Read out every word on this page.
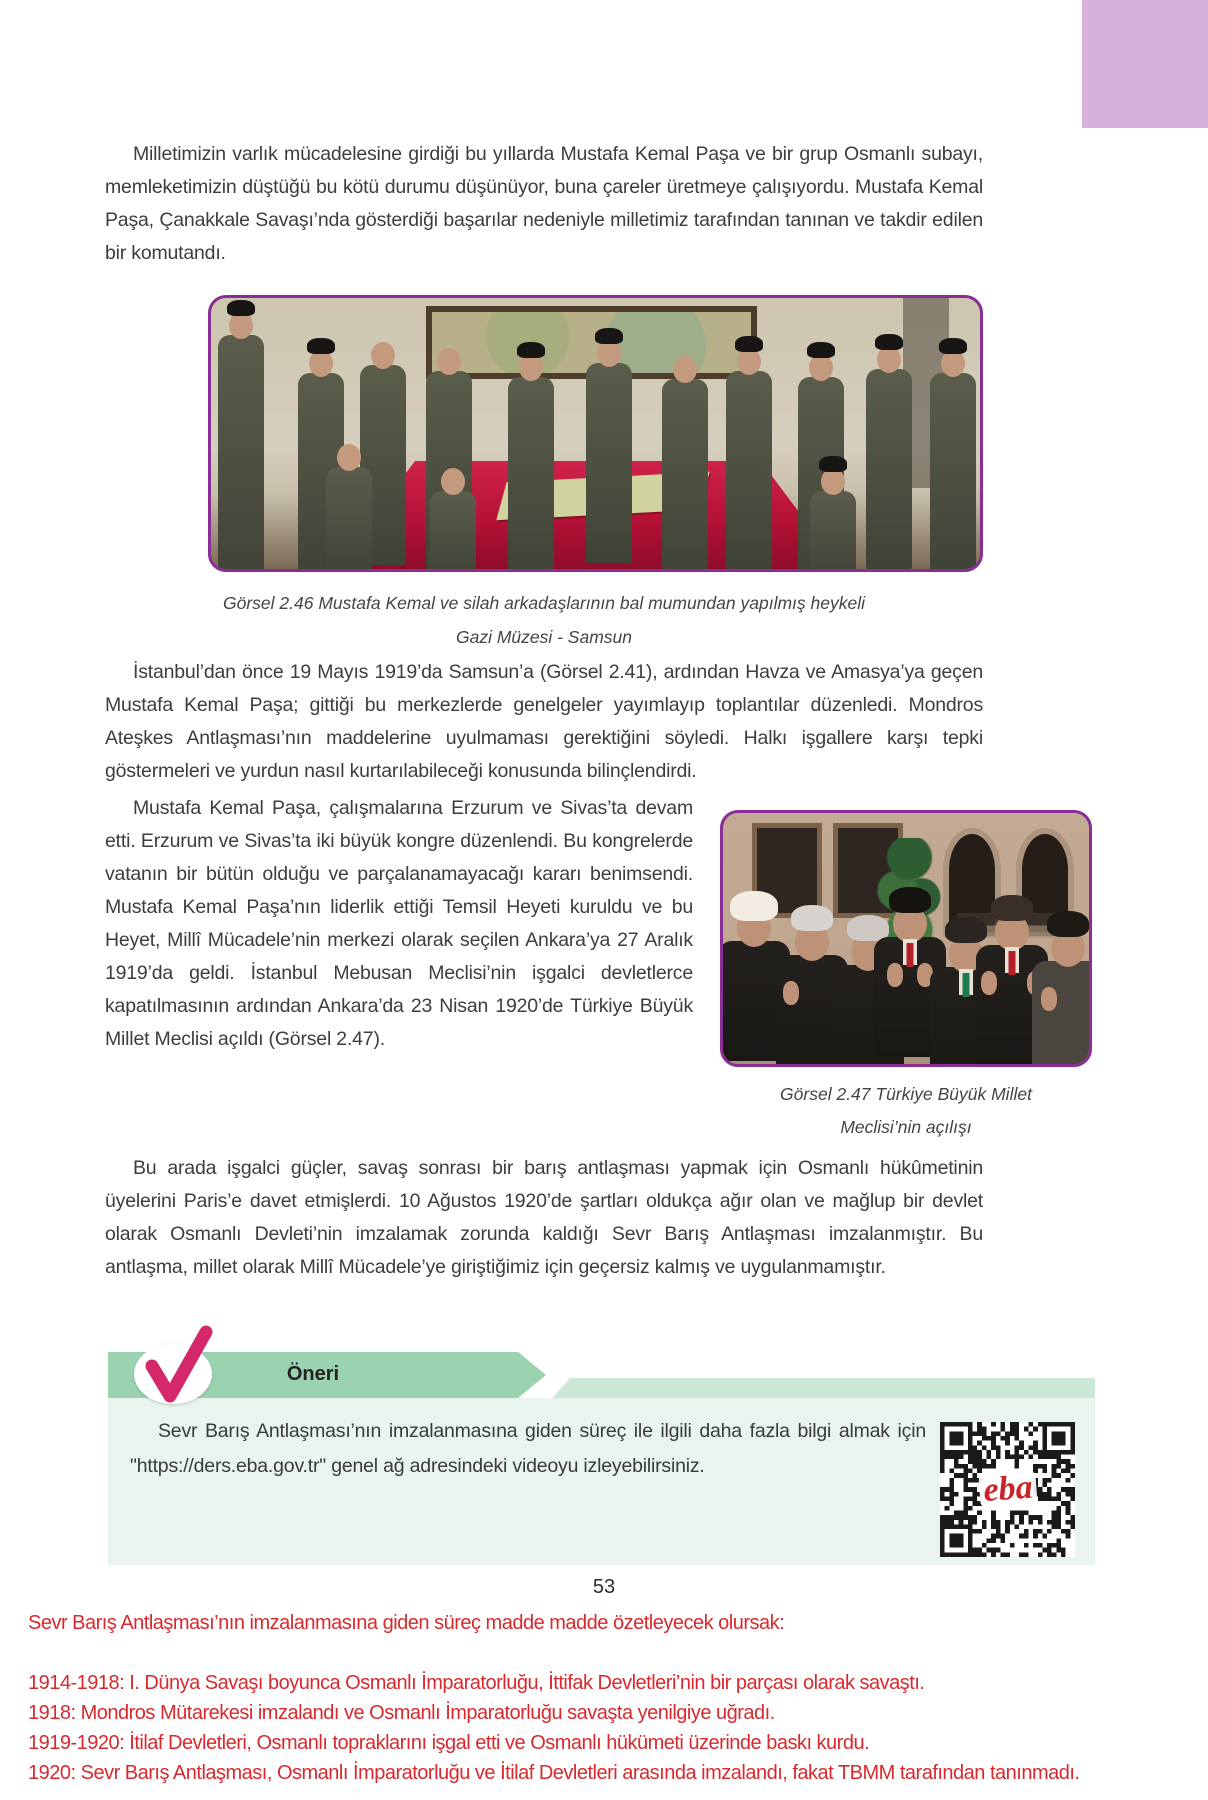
Milletimizin varlık mücadelesine girdiği bu yıllarda Mustafa Kemal Paşa ve bir grup Osmanlı subayı, memleketimizin düştüğü bu kötü durumu düşünüyor, buna çareler üretmeye çalışıyordu. Mustafa Kemal Paşa, Çanakkale Savaşı’nda gösterdiği başarılar nedeniyle milletimiz tarafından tanınan ve takdir edilen bir komutandı.

Görsel 2.46 Mustafa Kemal ve silah arkadaşlarının bal mumundan yapılmış heykeli
Gazi Müzesi - Samsun

İstanbul’dan önce 19 Mayıs 1919’da Samsun’a (Görsel 2.41), ardından Havza ve Amasya’ya geçen Mustafa Kemal Paşa; gittiği bu merkezlerde genelgeler yayımlayıp toplantılar düzenledi. Mondros Ateşkes Antlaşması’nın maddelerine uyulmaması gerektiğini söyledi. Halkı işgallere karşı tepki göstermeleri ve yurdun nasıl kurtarılabileceği konusunda bilinçlendirdi.

Mustafa Kemal Paşa, çalışmalarına Erzurum ve Sivas’ta devam etti. Erzurum ve Sivas’ta iki büyük kongre düzenlendi. Bu kongrelerde vatanın bir bütün olduğu ve parçalanamayacağı kararı benimsendi. Mustafa Kemal Paşa’nın liderlik ettiği Temsil Heyeti kuruldu ve bu Heyet, Millî Mücadele’nin merkezi olarak seçilen Ankara’ya 27 Aralık 1919’da geldi. İstanbul Mebusan Meclisi’nin işgalci devletlerce kapatılmasının ardından Ankara’da 23 Nisan 1920’de Türkiye Büyük Millet Meclisi açıldı (Görsel 2.47).

Görsel 2.47 Türkiye Büyük Millet
Meclisi’nin açılışı

Bu arada işgalci güçler, savaş sonrası bir barış antlaşması yapmak için Osmanlı hükûmetinin üyelerini Paris’e davet etmişlerdi. 10 Ağustos 1920’de şartları oldukça ağır olan ve mağlup bir devlet olarak Osmanlı Devleti’nin imzalamak zorunda kaldığı Sevr Barış Antlaşması imzalanmıştır. Bu antlaşma, millet olarak Millî Mücadele’ye giriştiğimiz için geçersiz kalmış ve uygulanmamıştır.

Öneri
Sevr Barış Antlaşması’nın imzalanmasına giden süreç ile ilgili daha fazla bilgi almak için "https://ders.eba.gov.tr" genel ağ adresindeki videoyu izleyebilirsiniz.
eba
53
Sevr Barış Antlaşması’nın imzalanmasına giden süreç madde madde özetleyecek olursak:
1914-1918: I. Dünya Savaşı boyunca Osmanlı İmparatorluğu, İttifak Devletleri’nin bir parçası olarak savaştı.
1918: Mondros Mütarekesi imzalandı ve Osmanlı İmparatorluğu savaşta yenilgiye uğradı.
1919-1920: İtilaf Devletleri, Osmanlı topraklarını işgal etti ve Osmanlı hükümeti üzerinde baskı kurdu.
1920: Sevr Barış Antlaşması, Osmanlı İmparatorluğu ve İtilaf Devletleri arasında imzalandı, fakat TBMM tarafından tanınmadı.
